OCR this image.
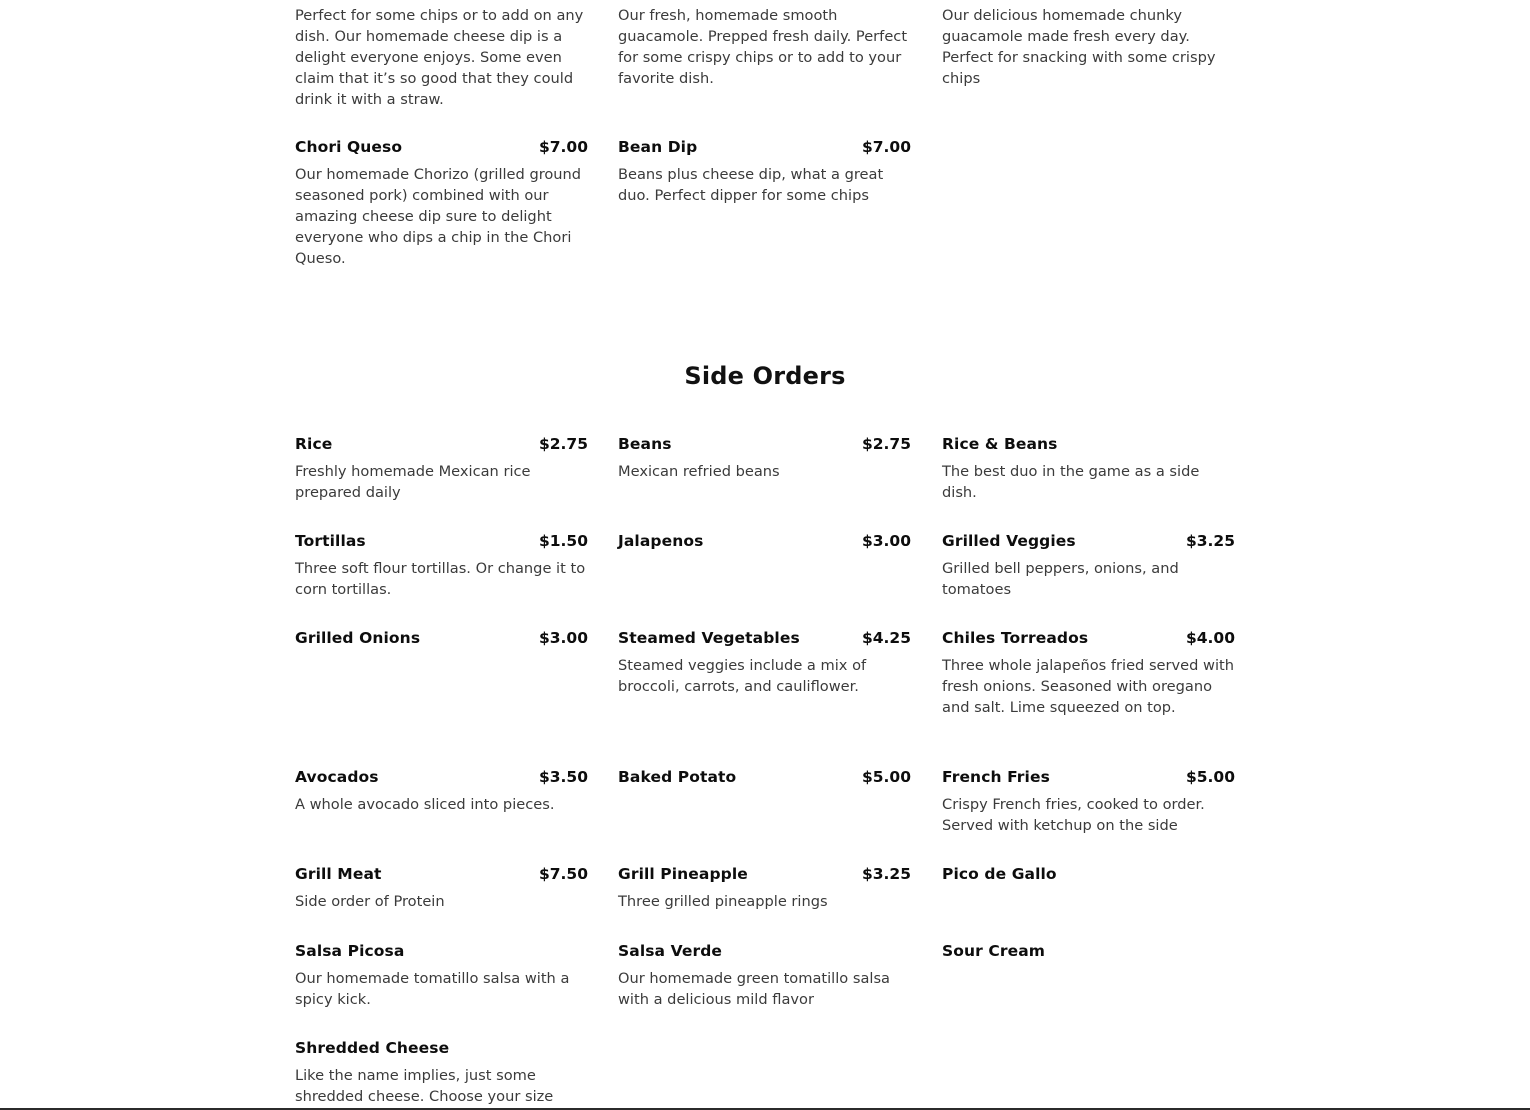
Perfect for some chips or to add on any dish. Our homemade cheese dip is a delight everyone enjoys. Some even claim that it’s so good that they could drink it with a straw.
Our fresh, homemade smooth guacamole. Prepped fresh daily. Perfect for some crispy chips or to add to your favorite dish.
Our delicious homemade chunky guacamole made fresh every day. Perfect for snacking with some crispy chips
Chori Queso	$7.00
Our homemade Chorizo (grilled ground seasoned pork) combined with our amazing cheese dip sure to delight everyone who dips a chip in the Chori Queso.
Bean Dip	$7.00
Beans plus cheese dip, what a great duo. Perfect dipper for some chips
Side Orders
Rice	$2.75
Freshly homemade Mexican rice prepared daily
Beans	$2.75
Mexican refried beans
Rice & Beans
The best duo in the game as a side dish.
Tortillas	$1.50
Three soft flour tortillas. Or change it to corn tortillas.
Jalapenos	$3.00 Grilled Veggies	$3.25
Grilled bell peppers, onions, and tomatoes
Grilled Onions	$3.00 Steamed Vegetables	$4.25
Steamed veggies include a mix of broccoli, carrots, and cauliflower.
Chiles Torreados	$4.00
Three whole jalapeños fried served with fresh onions. Seasoned with oregano and salt. Lime squeezed on top.
Avocados	$3.50
A whole avocado sliced into pieces.
Baked Potato	$5.00 French Fries	$5.00
Crispy French fries, cooked to order. Served with ketchup on the side
Grill Meat	$7.50
Side order of Protein
Grill Pineapple	$3.25
Three grilled pineapple rings
Pico de Gallo
Salsa Picosa
Our homemade tomatillo salsa with a spicy kick.
Salsa Verde
Our homemade green tomatillo salsa with a delicious mild flavor
Sour Cream
Shredded Cheese
Like the name implies, just some shredded cheese. Choose your size
